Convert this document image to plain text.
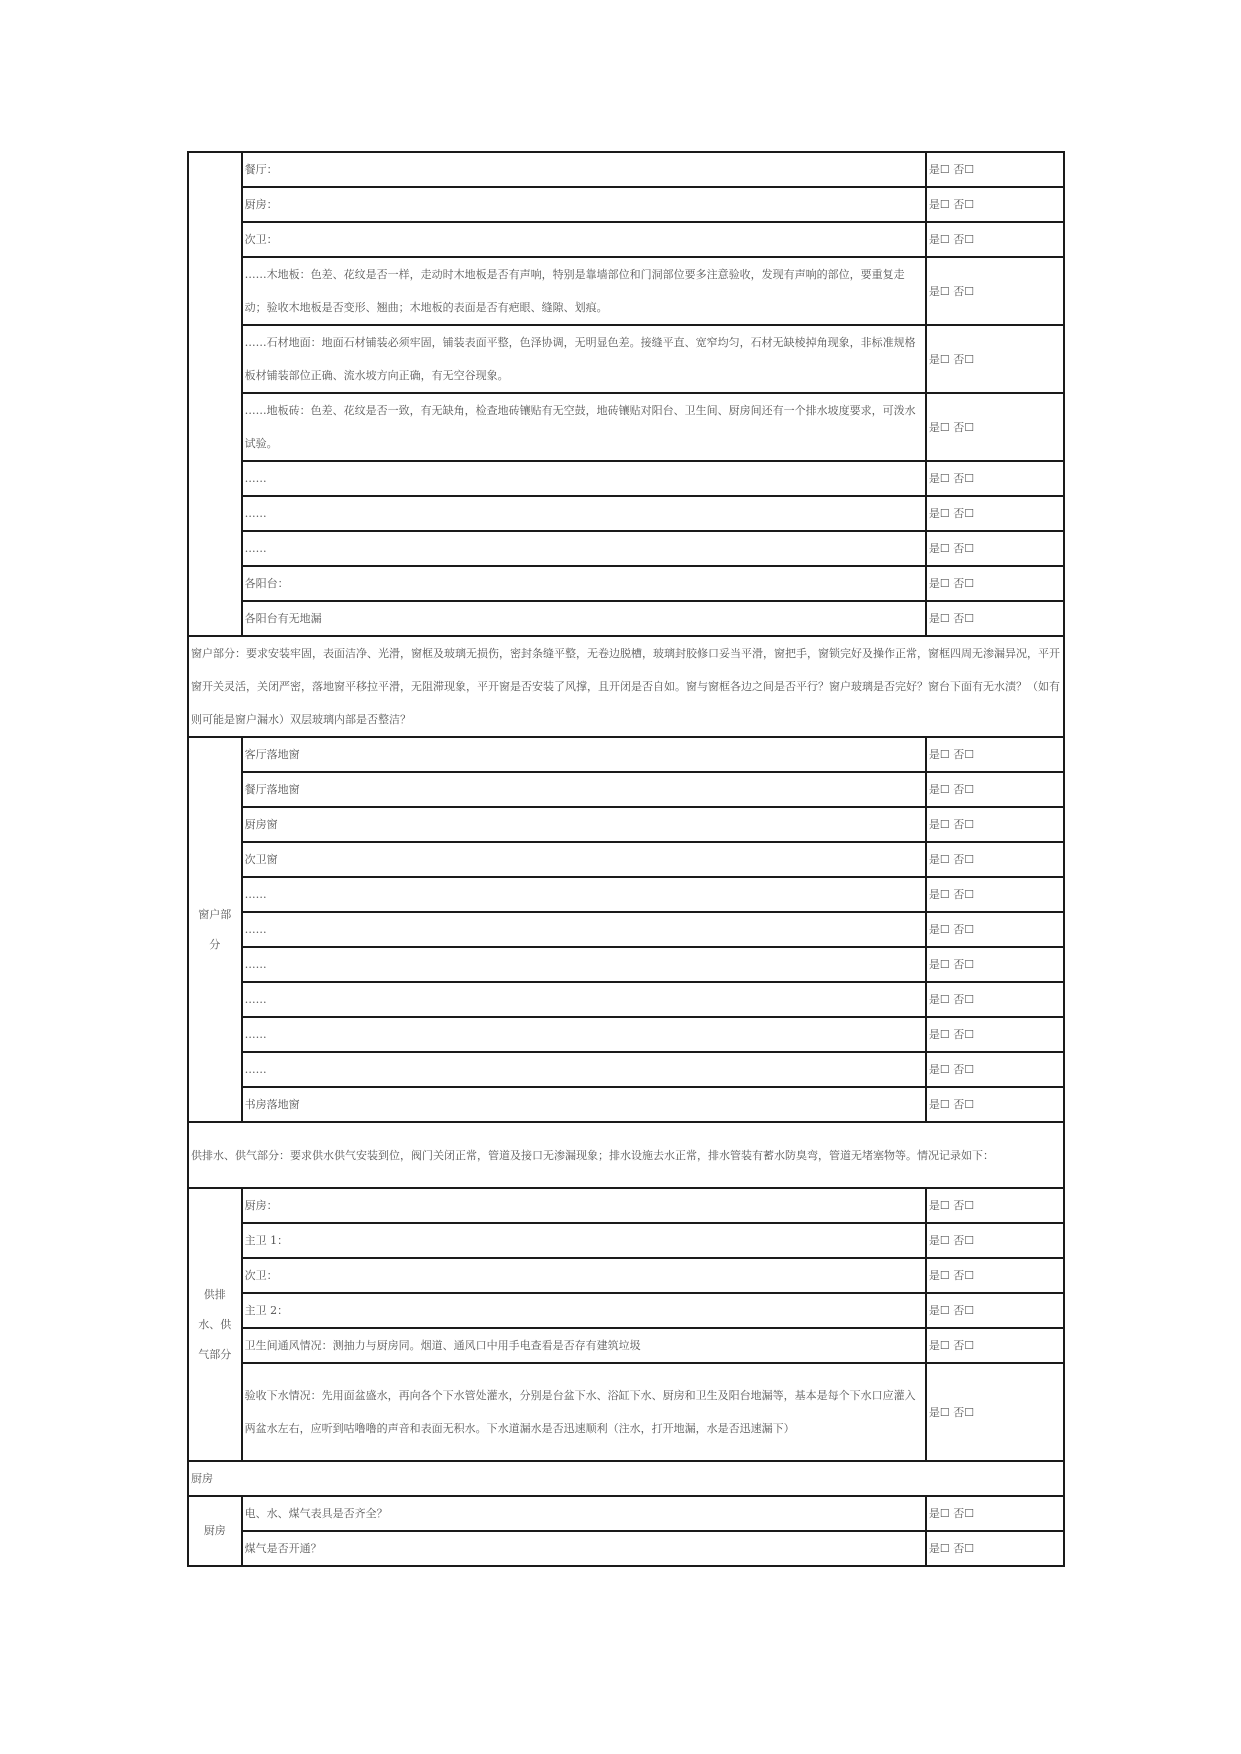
	餐厅：	是☐ 否☐
	厨房：	是☐ 否☐
	次卫：	是☐ 否☐
	……木地板：色差、花纹是否一样，走动时木地板是否有声响，特别是靠墙部位和门洞部位要多注意验收，发现有声响的部位，要重复走动；验收木地板是否变形、翘曲；木地板的表面是否有疤眼、缝隙、划痕。	是☐ 否☐
	……石材地面：地面石材铺装必须牢固，铺装表面平整，色泽协调，无明显色差。接缝平直、宽窄均匀，石材无缺棱掉角现象，非标准规格板材铺装部位正确、流水坡方向正确，有无空谷现象。	是☐ 否☐
	……地板砖：色差、花纹是否一致，有无缺角，检查地砖镶贴有无空鼓，地砖镶贴对阳台、卫生间、厨房间还有一个排水坡度要求，可泼水试验。	是☐ 否☐
	……	是☐ 否☐
	……	是☐ 否☐
	……	是☐ 否☐
	各阳台：	是☐ 否☐
	各阳台有无地漏	是☐ 否☐
窗户部分：要求安装牢固，表面洁净、光滑，窗框及玻璃无损伤，密封条缝平整，无卷边脱槽，玻璃封胶修口妥当平滑，窗把手，窗锁完好及操作正常，窗框四周无渗漏异况，平开窗开关灵活，关闭严密，落地窗平移拉平滑，无阻滞现象，平开窗是否安装了风撑，且开闭是否自如。窗与窗框各边之间是否平行？窗户玻璃是否完好？窗台下面有无水渍？（如有则可能是窗户漏水）双层玻璃内部是否整洁？		
窗户部分	客厅落地窗	是☐ 否☐
	餐厅落地窗	是☐ 否☐
	厨房窗	是☐ 否☐
	次卫窗	是☐ 否☐
	……	是☐ 否☐
	……	是☐ 否☐
	……	是☐ 否☐
	……	是☐ 否☐
	……	是☐ 否☐
	……	是☐ 否☐
	书房落地窗	是☐ 否☐
供排水、供气部分：要求供水供气安装到位，阀门关闭正常，管道及接口无渗漏现象；排水设施去水正常，排水管装有蓄水防臭弯，管道无堵塞物等。情况记录如下：		
供排水、供气部分	厨房：	是☐ 否☐
	主卫 1：	是☐ 否☐
	次卫：	是☐ 否☐
	主卫 2：	是☐ 否☐
	卫生间通风情况：测抽力与厨房同。烟道、通风口中用手电查看是否存有建筑垃圾	是☐ 否☐
	验收下水情况：先用面盆盛水，再向各个下水管处灌水，分别是台盆下水、浴缸下水、厨房和卫生及阳台地漏等，基本是每个下水口应灌入两盆水左右，应听到咕噜噜的声音和表面无积水。下水道漏水是否迅速顺利（注水，打开地漏，水是否迅速漏下）	是☐ 否☐
厨房		
厨房	电、水、煤气表具是否齐全？	是☐ 否☐
	煤气是否开通？	是☐ 否☐
